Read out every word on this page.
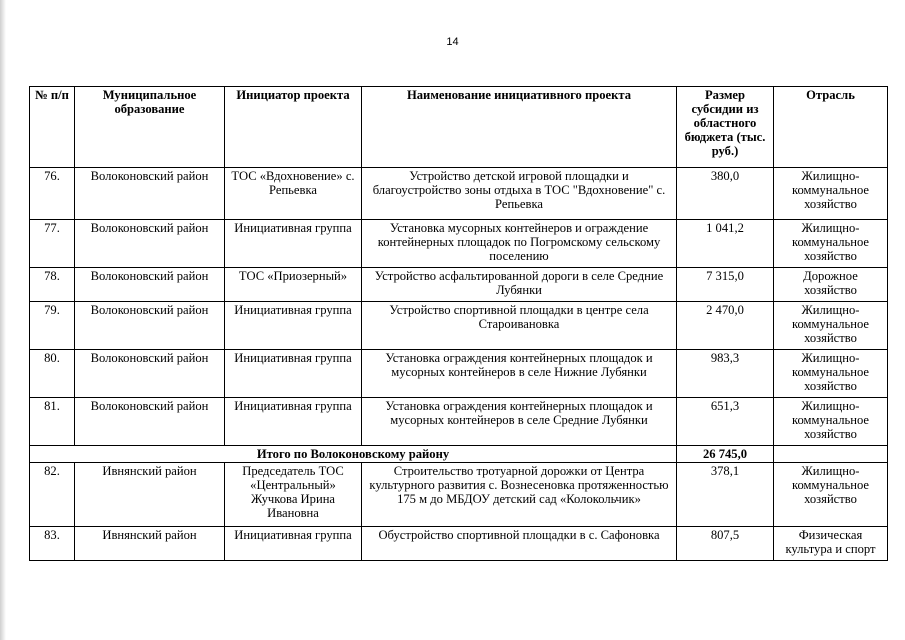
14
№ п/п	Муниципальное образование	Инициатор проекта	Наименование инициативного проекта	Размер субсидии из областного бюджета (тыс. руб.)	Отрасль
76.	Волоконовский район	ТОС «Вдохновение» с. Репьевка	Устройство детской игровой площадки и благоустройство зоны отдыха в ТОС "Вдохновение" с. Репьевка	380,0	Жилищно-коммунальное хозяйство
77.	Волоконовский район	Инициативная группа	Установка мусорных контейнеров и ограждение контейнерных площадок по Погромскому сельскому поселению	1 041,2	Жилищно-коммунальное хозяйство
78.	Волоконовский район	ТОС «Приозерный»	Устройство асфальтированной дороги в селе Средние Лубянки	7 315,0	Дорожное хозяйство
79.	Волоконовский район	Инициативная группа	Устройство спортивной площадки в центре села Староивановка	2 470,0	Жилищно-коммунальное хозяйство
80.	Волоконовский район	Инициативная группа	Установка ограждения контейнерных площадок и мусорных контейнеров в селе Нижние Лубянки	983,3	Жилищно-коммунальное хозяйство
81.	Волоконовский район	Инициативная группа	Установка ограждения контейнерных площадок и мусорных контейнеров в селе Средние Лубянки	651,3	Жилищно-коммунальное хозяйство
Итого по Волоконовскому району				26 745,0	
82.	Ивнянский район	Председатель ТОС «Центральный» Жучкова Ирина Ивановна	Строительство тротуарной дорожки от Центра культурного развития с. Вознесеновка протяженностью 175 м до МБДОУ детский сад «Колокольчик»	378,1	Жилищно-коммунальное хозяйство
83.	Ивнянский район	Инициативная группа	Обустройство спортивной площадки в с. Сафоновка	807,5	Физическая культура и спорт
